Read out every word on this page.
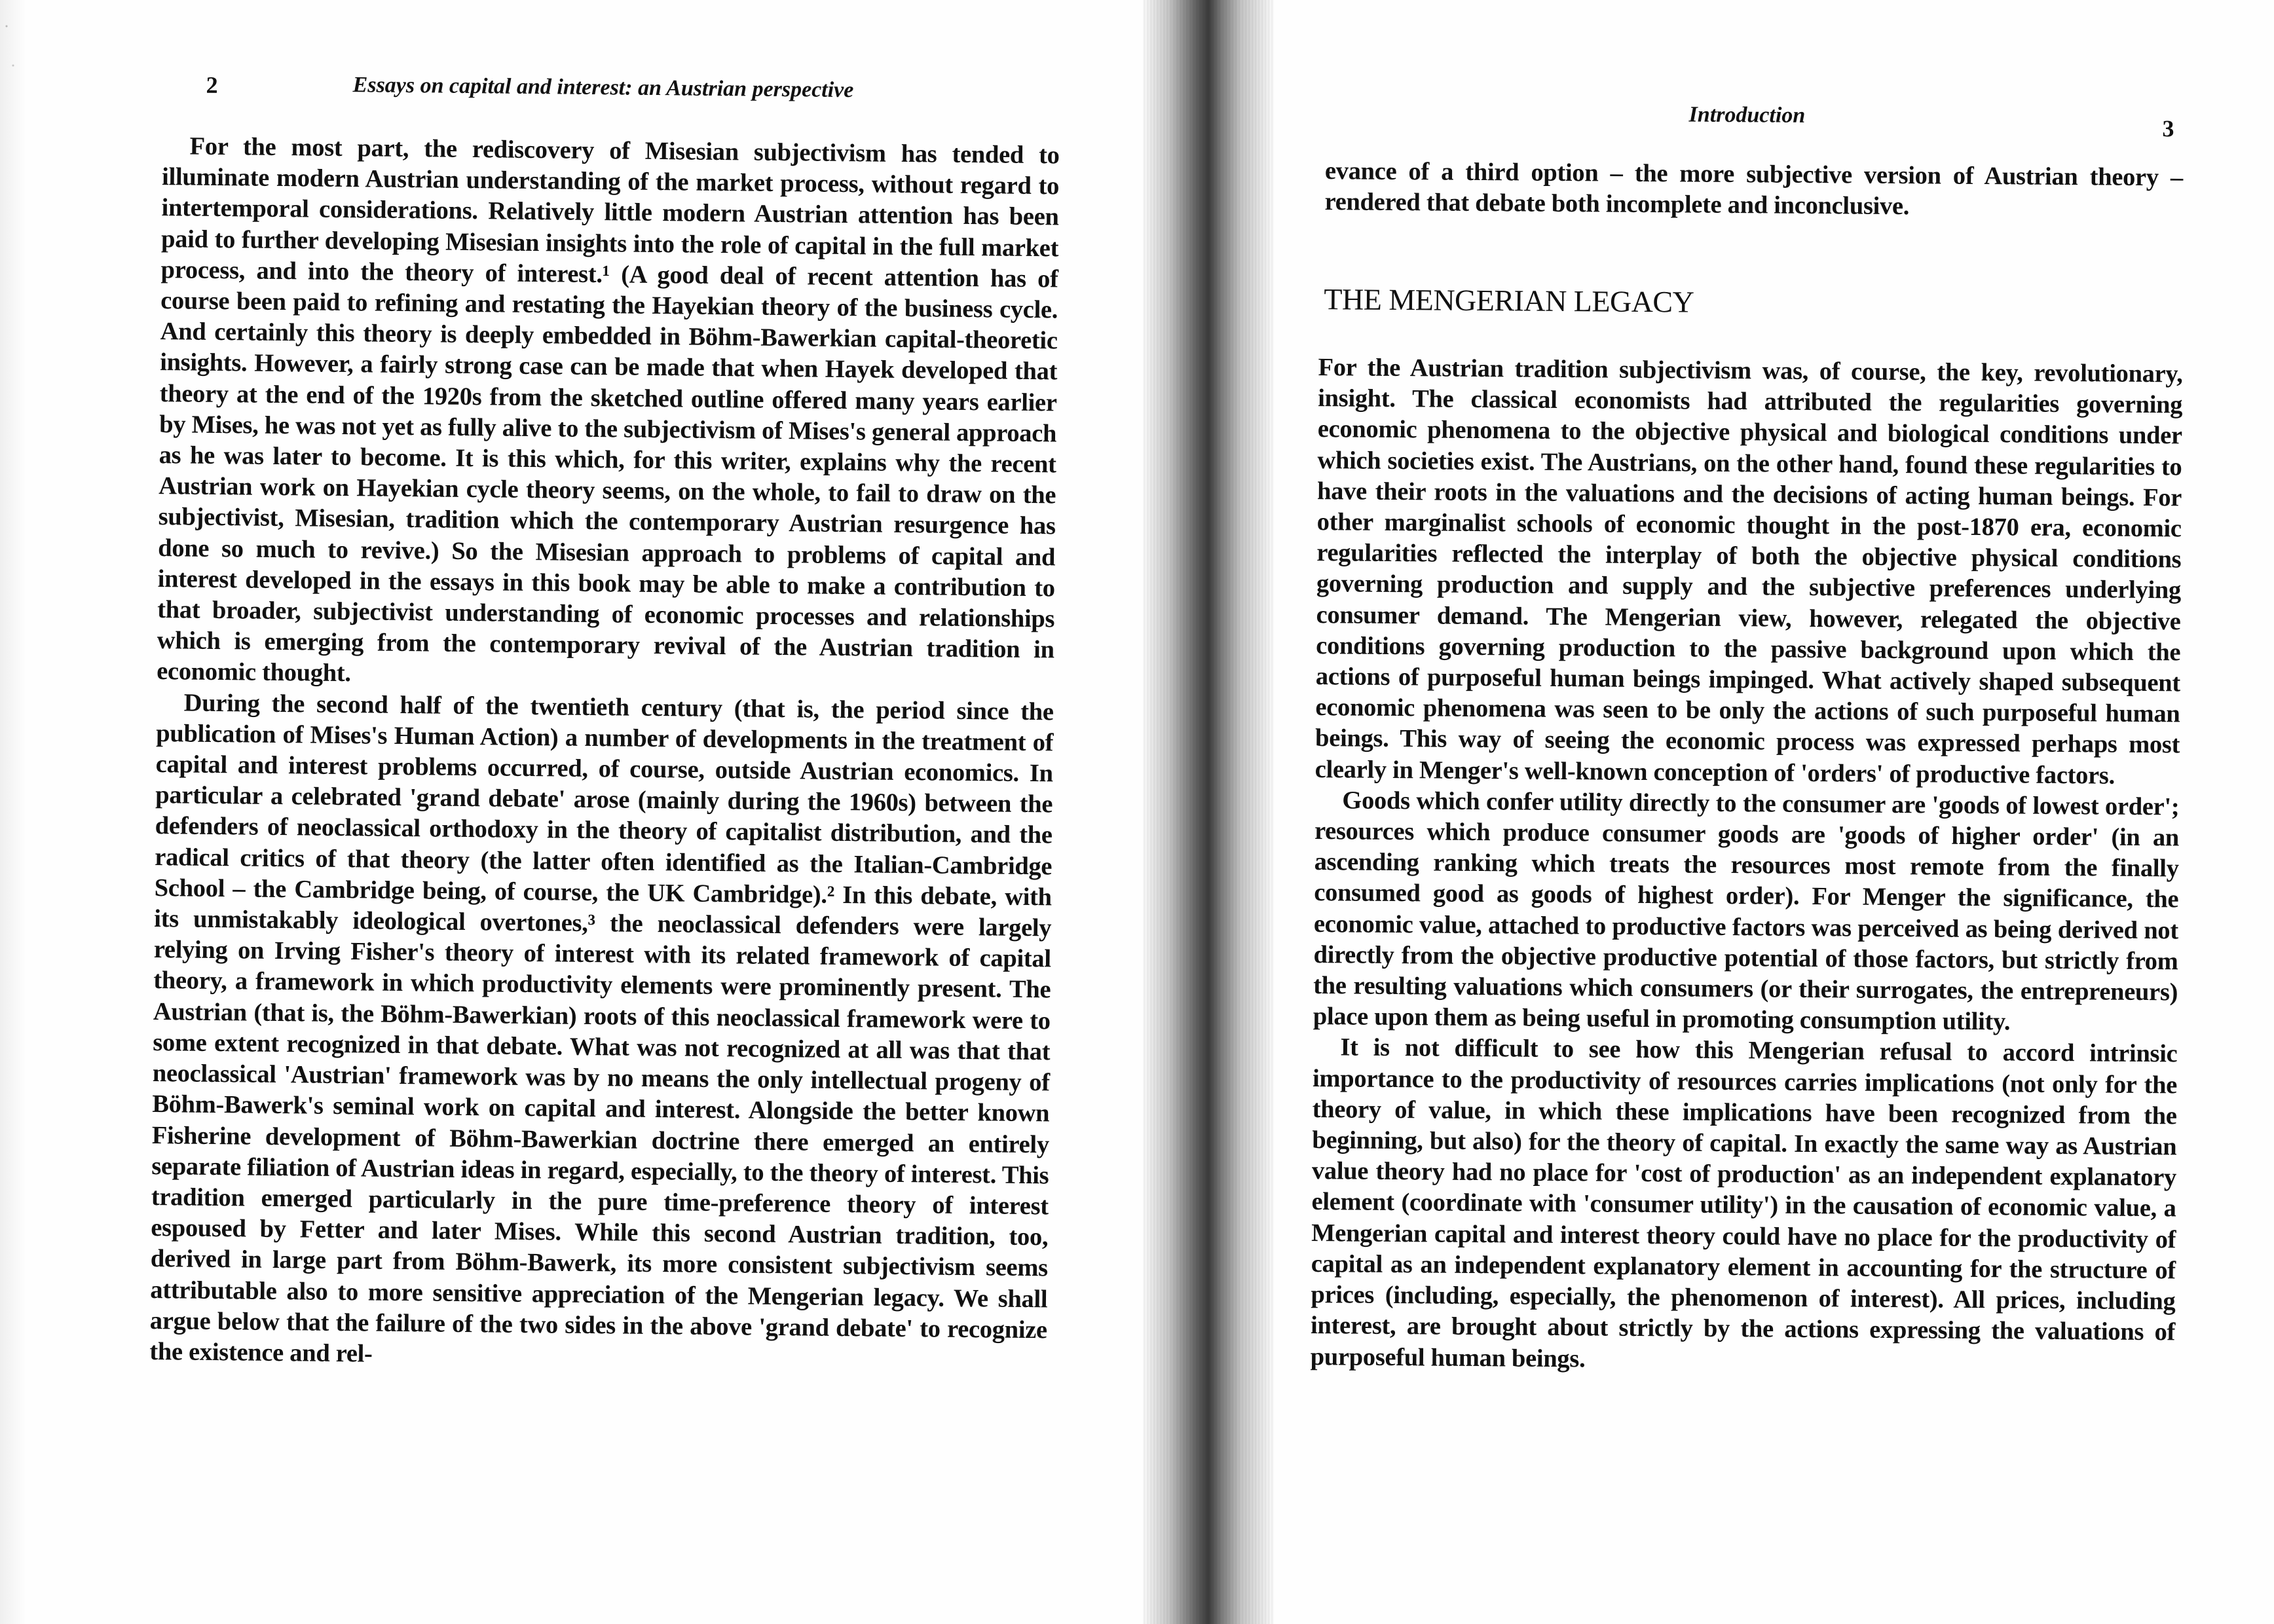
2	Essays on capital and interest: an Austrian perspective

For the most part, the rediscovery of Misesian subjectivism has tended to illuminate modern Austrian understanding of the market process, without regard to intertemporal considerations. Relatively little modern Austrian attention has been paid to further developing Misesian insights into the role of capital in the full market process, and into the theory of interest.¹ (A good deal of recent attention has of course been paid to refining and restating the Hayekian theory of the business cycle. And certainly this theory is deeply embedded in Böhm-Bawerkian capital-theoretic insights. However, a fairly strong case can be made that when Hayek developed that theory at the end of the 1920s from the sketched outline offered many years earlier by Mises, he was not yet as fully alive to the subjectivism of Mises's general approach as he was later to become. It is this which, for this writer, explains why the recent Austrian work on Hayekian cycle theory seems, on the whole, to fail to draw on the subjectivist, Misesian, tradition which the contemporary Austrian resurgence has done so much to revive.) So the Misesian approach to problems of capital and interest developed in the essays in this book may be able to make a contribution to that broader, subjectivist understanding of economic processes and relationships which is emerging from the contemporary revival of the Austrian tradition in economic thought.

During the second half of the twentieth century (that is, the period since the publication of Mises's Human Action) a number of developments in the treatment of capital and interest problems occurred, of course, outside Austrian economics. In particular a celebrated 'grand debate' arose (mainly during the 1960s) between the defenders of neoclassical orthodoxy in the theory of capitalist distribution, and the radical critics of that theory (the latter often identified as the Italian-Cambridge School – the Cambridge being, of course, the UK Cambridge).² In this debate, with its unmistakably ideological overtones,³ the neoclassical defenders were largely relying on Irving Fisher's theory of interest with its related framework of capital theory, a framework in which productivity elements were prominently present. The Austrian (that is, the Böhm-Bawerkian) roots of this neoclassical framework were to some extent recognized in that debate. What was not recognized at all was that that neoclassical 'Austrian' framework was by no means the only intellectual progeny of Böhm-Bawerk's seminal work on capital and interest. Alongside the better known Fisherine development of Böhm-Bawerkian doctrine there emerged an entirely separate filiation of Austrian ideas in regard, especially, to the theory of interest. This tradition emerged particularly in the pure time-preference theory of interest espoused by Fetter and later Mises. While this second Austrian tradition, too, derived in large part from Böhm-Bawerk, its more consistent subjectivism seems attributable also to more sensitive appreciation of the Mengerian legacy. We shall argue below that the failure of the two sides in the above 'grand debate' to recognize the existence and rel-

Introduction
3

evance of a third option – the more subjective version of Austrian theory – rendered that debate both incomplete and inconclusive.

THE MENGERIAN LEGACY

For the Austrian tradition subjectivism was, of course, the key, revolutionary, insight. The classical economists had attributed the regularities governing economic phenomena to the objective physical and biological conditions under which societies exist. The Austrians, on the other hand, found these regularities to have their roots in the valuations and the decisions of acting human beings. For other marginalist schools of economic thought in the post-1870 era, economic regularities reflected the interplay of both the objective physical conditions governing production and supply and the subjective preferences underlying consumer demand. The Mengerian view, however, relegated the objective conditions governing production to the passive background upon which the actions of purposeful human beings impinged. What actively shaped subsequent economic phenomena was seen to be only the actions of such purposeful human beings. This way of seeing the economic process was expressed perhaps most clearly in Menger's well-known conception of 'orders' of productive factors.

Goods which confer utility directly to the consumer are 'goods of lowest order'; resources which produce consumer goods are 'goods of higher order' (in an ascending ranking which treats the resources most remote from the finally consumed good as goods of highest order). For Menger the significance, the economic value, attached to productive factors was perceived as being derived not directly from the objective productive potential of those factors, but strictly from the resulting valuations which consumers (or their surrogates, the entrepreneurs) place upon them as being useful in promoting consumption utility.

It is not difficult to see how this Mengerian refusal to accord intrinsic importance to the productivity of resources carries implications (not only for the theory of value, in which these implications have been recognized from the beginning, but also) for the theory of capital. In exactly the same way as Austrian value theory had no place for 'cost of production' as an independent explanatory element (coordinate with 'consumer utility') in the causation of economic value, a Mengerian capital and interest theory could have no place for the productivity of capital as an independent explanatory element in accounting for the structure of prices (including, especially, the phenomenon of interest). All prices, including interest, are brought about strictly by the actions expressing the valuations of purposeful human beings.
